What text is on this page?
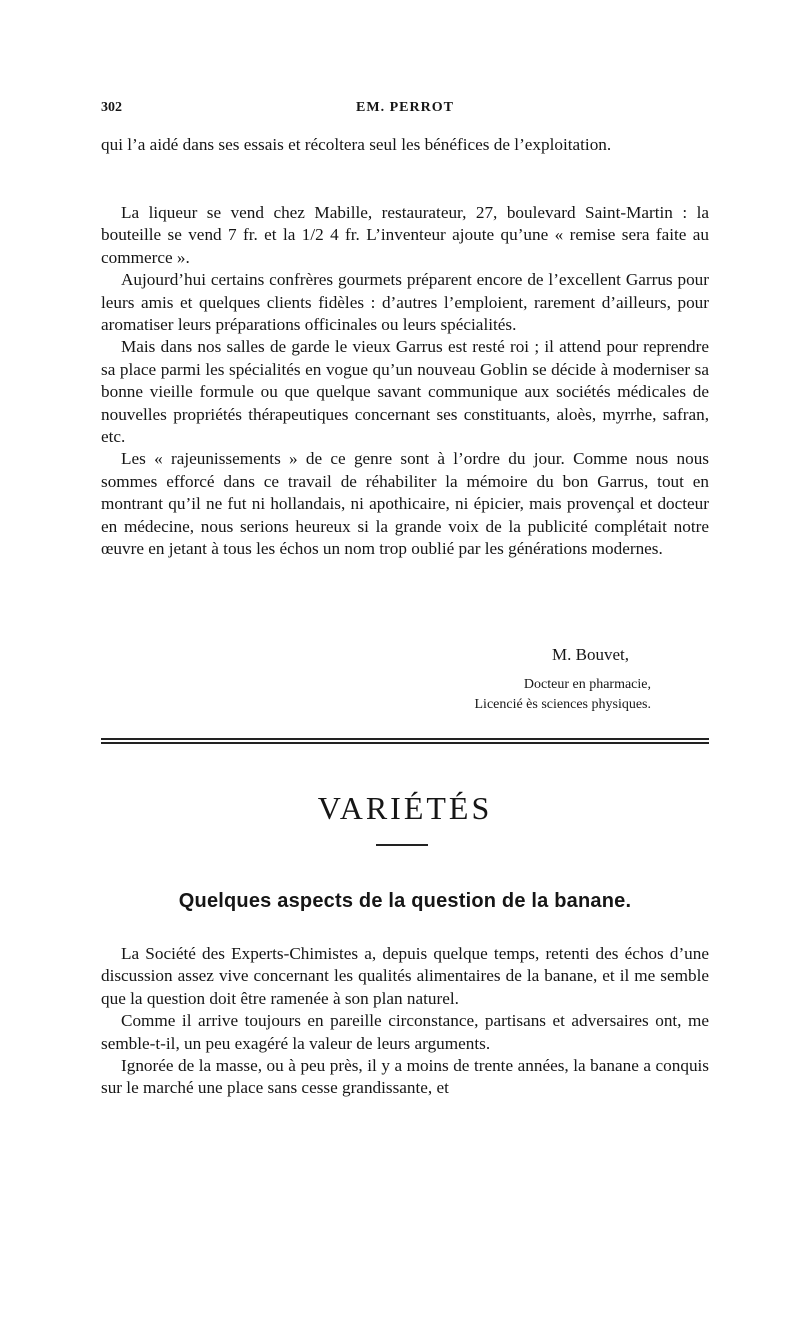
302	EM. PERROT

qui l’a aidé dans ses essais et récoltera seul les bénéfices de l’exploitation.

La liqueur se vend chez Mabille, restaurateur, 27, boulevard Saint-Martin : la bouteille se vend 7 fr. et la 1/2 4 fr. L’inventeur ajoute qu’une « remise sera faite au commerce ».

Aujourd’hui certains confrères gourmets préparent encore de l’excellent Garrus pour leurs amis et quelques clients fidèles : d’autres l’emploient, rarement d’ailleurs, pour aromatiser leurs préparations officinales ou leurs spécialités.

Mais dans nos salles de garde le vieux Garrus est resté roi ; il attend pour reprendre sa place parmi les spécialités en vogue qu’un nouveau Goblin se décide à moderniser sa bonne vieille formule ou que quelque savant communique aux sociétés médicales de nouvelles propriétés thérapeutiques concernant ses constituants, aloès, myrrhe, safran, etc.

Les « rajeunissements » de ce genre sont à l’ordre du jour. Comme nous nous sommes efforcé dans ce travail de réhabiliter la mémoire du bon Garrus, tout en montrant qu’il ne fut ni hollandais, ni apothicaire, ni épicier, mais provençal et docteur en médecine, nous serions heureux si la grande voix de la publicité complétait notre œuvre en jetant à tous les échos un nom trop oublié par les générations modernes.

M. Bouvet,
Docteur en pharmacie,
Licencié ès sciences physiques.
VARIÉTÉS
Quelques aspects de la question de la banane.

La Société des Experts-Chimistes a, depuis quelque temps, retenti des échos d’une discussion assez vive concernant les qualités alimentaires de la banane, et il me semble que la question doit être ramenée à son plan naturel.

Comme il arrive toujours en pareille circonstance, partisans et adversaires ont, me semble-t-il, un peu exagéré la valeur de leurs arguments.

Ignorée de la masse, ou à peu près, il y a moins de trente années, la banane a conquis sur le marché une place sans cesse grandissante, et
